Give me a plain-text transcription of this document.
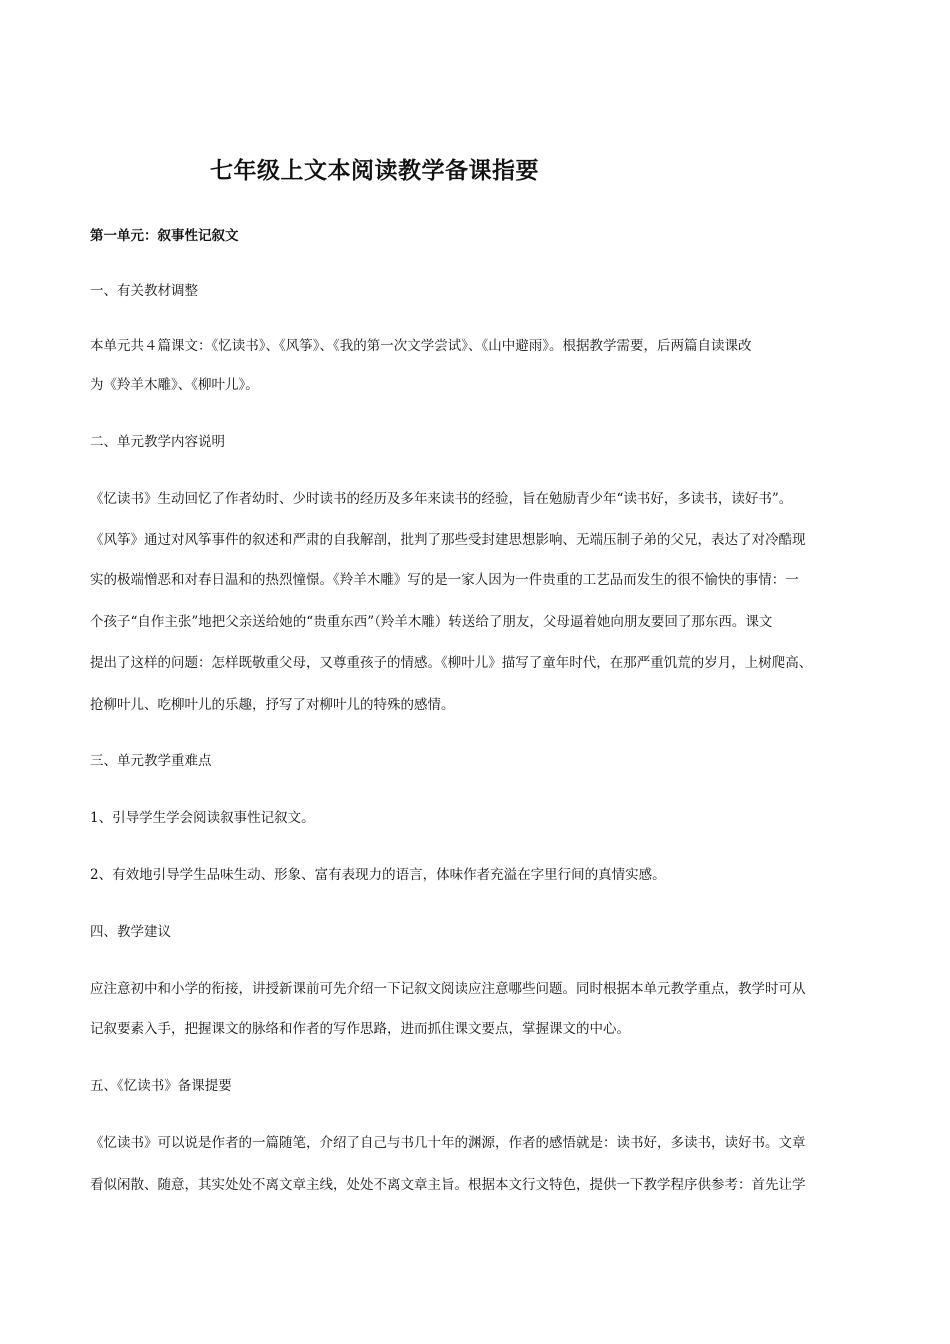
七年级上文本阅读教学备课指要
第一单元：叙事性记叙文
一、有关教材调整
本单元共４篇课文：《忆读书》、《风筝》、《我的第一次文学尝试》、《山中避雨》。根据教学需要，后两篇自读课改
为《羚羊木雕》、《柳叶儿》。
二、单元教学内容说明
《忆读书》生动回忆了作者幼时、少时读书的经历及多年来读书的经验，旨在勉励青少年“读书好，多读书，读好书”。
《风筝》通过对风筝事件的叙述和严肃的自我解剖，批判了那些受封建思想影响、无端压制子弟的父兄，表达了对冷酷现
实的极端憎恶和对春日温和的热烈憧憬。《羚羊木雕》写的是一家人因为一件贵重的工艺品而发生的很不愉快的事情：一
个孩子“自作主张”地把父亲送给她的“贵重东西”（羚羊木雕）转送给了朋友，父母逼着她向朋友要回了那东西。课文
提出了这样的问题：怎样既敬重父母，又尊重孩子的情感。《柳叶儿》描写了童年时代，在那严重饥荒的岁月，上树爬高、
抢柳叶儿、吃柳叶儿的乐趣，抒写了对柳叶儿的特殊的感情。
三、单元教学重难点
1、引导学生学会阅读叙事性记叙文。
2、有效地引导学生品味生动、形象、富有表现力的语言，体味作者充溢在字里行间的真情实感。
四、教学建议
应注意初中和小学的衔接，讲授新课前可先介绍一下记叙文阅读应注意哪些问题。同时根据本单元教学重点，教学时可从
记叙要素入手，把握课文的脉络和作者的写作思路，进而抓住课文要点，掌握课文的中心。
五、《忆读书》备课提要
《忆读书》可以说是作者的一篇随笔，介绍了自己与书几十年的渊源，作者的感悟就是：读书好，多读书，读好书。文章
看似闲散、随意，其实处处不离文章主线，处处不离文章主旨。根据本文行文特色，提供一下教学程序供参考：首先让学
